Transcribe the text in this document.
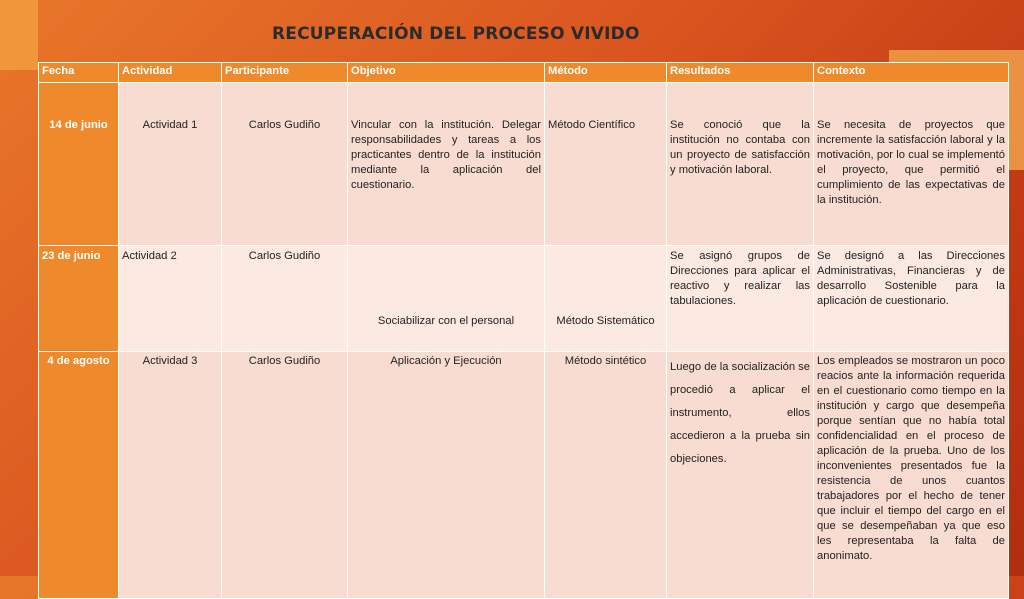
RECUPERACIÓN DEL PROCESO VIVIDO
Fecha	Actividad	Participante	Objetivo	Método	Resultados	Contexto
14 de junio	Actividad 1	Carlos Gudiño	Vincular con la institución. Delegar responsabilidades y tareas a los practicantes dentro de la institución mediante la aplicación del cuestionario.	Método Científico	Se conoció que la institución no contaba con un proyecto de satisfacción y motivación laboral.	Se necesita de proyectos que incremente la satisfacción laboral y la motivación, por lo cual se implementó el proyecto, que permitió el cumplimiento de las expectativas de la institución.
23 de junio	Actividad 2	Carlos Gudiño	Sociabilizar con el personal	Método Sistemático	Se asignó grupos de Direcciones para aplicar el reactivo y realizar las tabulaciones.	Se designó a las Direcciones Administrativas, Financieras y de desarrollo Sostenible para la aplicación de cuestionario.
4 de agosto	Actividad 3	Carlos Gudiño	Aplicación y Ejecución	Método sintético	Luego de la socialización se procedió a aplicar el instrumento, ellos accedieron a la prueba sin objeciones.	Los empleados se mostraron un poco reacios ante la información requerida en el cuestionario como tiempo en la institución y cargo que desempeña porque sentían que no había total confidencialidad en el proceso de aplicación de la prueba. Uno de los inconvenientes presentados fue la resistencia de unos cuantos trabajadores por el hecho de tener que incluir el tiempo del cargo en el que se desempeñaban ya que eso les representaba la falta de anonimato.
